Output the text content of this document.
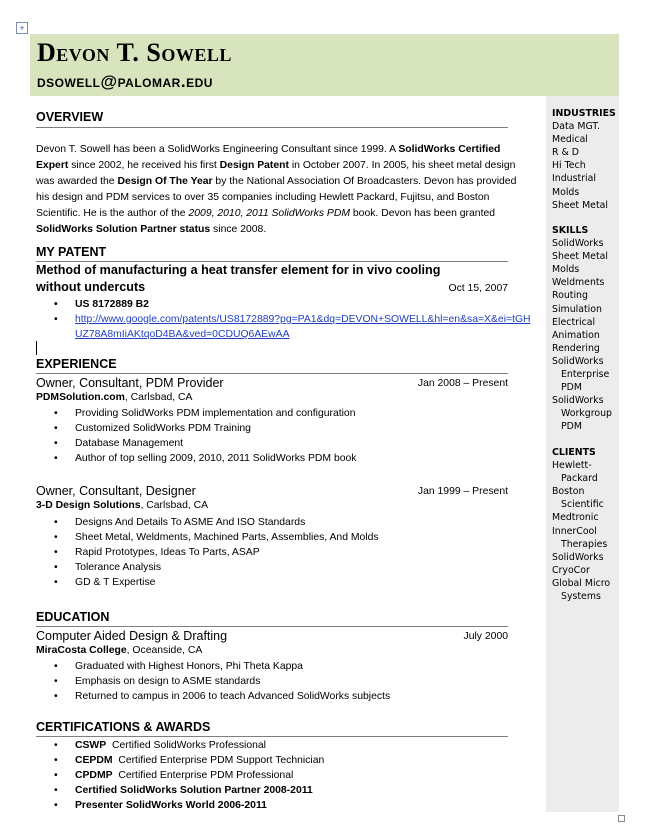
+
Devon T. Sowell
dsowell@palomar.edu
INDUSTRIES
Data MGT.
Medical
R & D
Hi Tech
Industrial
Molds
Sheet Metal
SKILLS
SolidWorks
Sheet Metal
Molds
Weldments
Routing
Simulation
Electrical
Animation
Rendering
SolidWorks
Enterprise
PDM
SolidWorks
Workgroup
PDM
CLIENTS
Hewlett-
Packard
Boston
Scientific
Medtronic
InnerCool
Therapies
SolidWorks
CryoCor
Global Micro
Systems
OVERVIEW
Devon T. Sowell has been a SolidWorks Engineering Consultant since 1999. A SolidWorks Certified Expert since 2002, he received his first Design Patent in October 2007. In 2005, his sheet metal design was awarded the Design Of The Year by the National Association Of Broadcasters. Devon has provided his design and PDM services to over 35 companies including Hewlett Packard, Fujitsu, and Boston Scientific. He is the author of the 2009, 2010, 2011 SolidWorks PDM book. Devon has been granted SolidWorks Solution Partner status since 2008.
MY PATENT
Method of manufacturing a heat transfer element for in vivo cooling without undercuts	Oct 15, 2007
• US 8172889 B2
• http://www.google.com/patents/US8172889?pg=PA1&dq=DEVON+SOWELL&hl=en&sa=X&ei=tGHUZ78A8mIiAKtqoD4BA&ved=0CDUQ6AEwAA
EXPERIENCE
Owner, Consultant, PDM Provider	Jan 2008 – Present
PDMSolution.com, Carlsbad, CA
• Providing SolidWorks PDM implementation and configuration
• Customized SolidWorks PDM Training
• Database Management
• Author of top selling 2009, 2010, 2011 SolidWorks PDM book
Owner, Consultant, Designer	Jan 1999 – Present
3-D Design Solutions, Carlsbad, CA
• Designs And Details To ASME And ISO Standards
• Sheet Metal, Weldments, Machined Parts, Assemblies, And Molds
• Rapid Prototypes, Ideas To Parts, ASAP
• Tolerance Analysis
• GD & T Expertise
EDUCATION
Computer Aided Design & Drafting	July 2000
MiraCosta College, Oceanside, CA
• Graduated with Highest Honors, Phi Theta Kappa
• Emphasis on design to ASME standards
• Returned to campus in 2006 to teach Advanced SolidWorks subjects
CERTIFICATIONS & AWARDS
• CSWP Certified SolidWorks Professional
• CEPDM Certified Enterprise PDM Support Technician
• CPDMP Certified Enterprise PDM Professional
• Certified SolidWorks Solution Partner 2008-2011
• Presenter SolidWorks World 2006-2011
